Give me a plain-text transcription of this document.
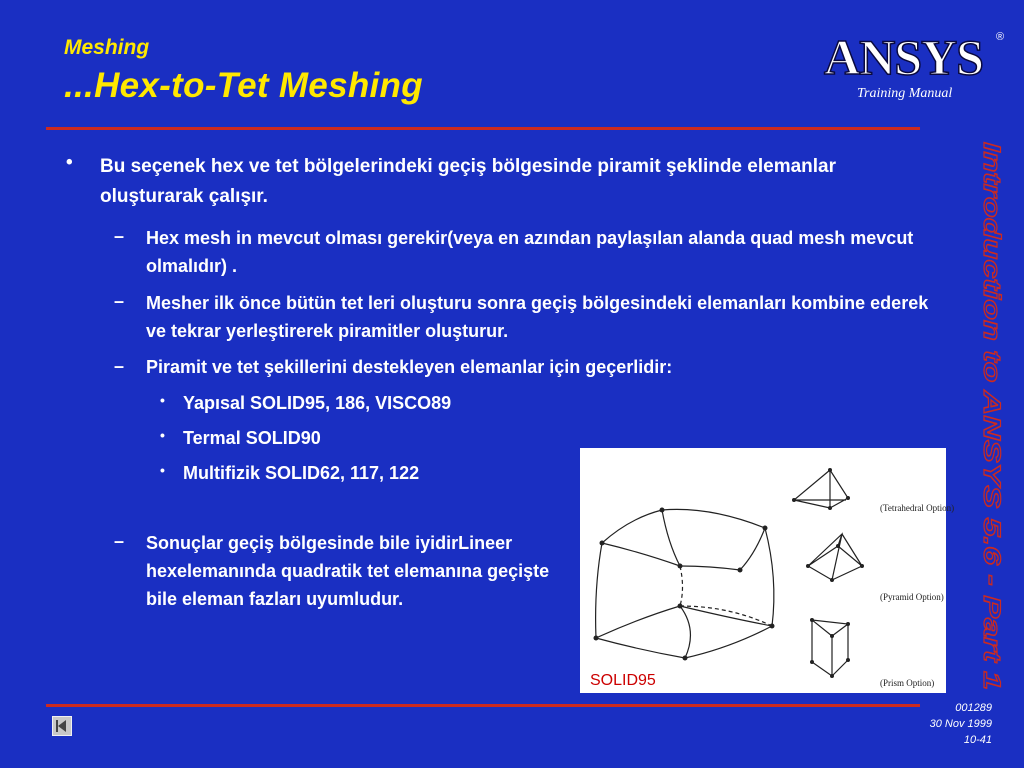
Meshing
...Hex-to-Tet Meshing
ANSYS ®
Training Manual
Introduction to ANSYS 5.6 - Part 1
• Bu seçenek hex ve tet bölgelerindeki geçiş bölgesinde piramit şeklinde elemanlar oluşturarak çalışır.
– Hex mesh in mevcut olması gerekir(veya en azından paylaşılan alanda quad mesh mevcut olmalıdır) .
– Mesher ilk önce bütün tet leri oluşturu sonra geçiş bölgesindeki elemanları kombine ederek ve tekrar yerleştirerek piramitler oluşturur.
– Piramit ve tet şekillerini destekleyen elemanlar için geçerlidir:
• Yapısal SOLID95, 186, VISCO89
• Termal SOLID90
• Multifizik SOLID62, 117, 122
– Sonuçlar geçiş bölgesinde bile iyidirLineer hexelemanında quadratik tet elemanına geçişte bile eleman fazları uyumludur.
(Tetrahedral Option)
(Pyramid Option)
(Prism Option)
SOLID95
001289
30 Nov 1999
10-41
